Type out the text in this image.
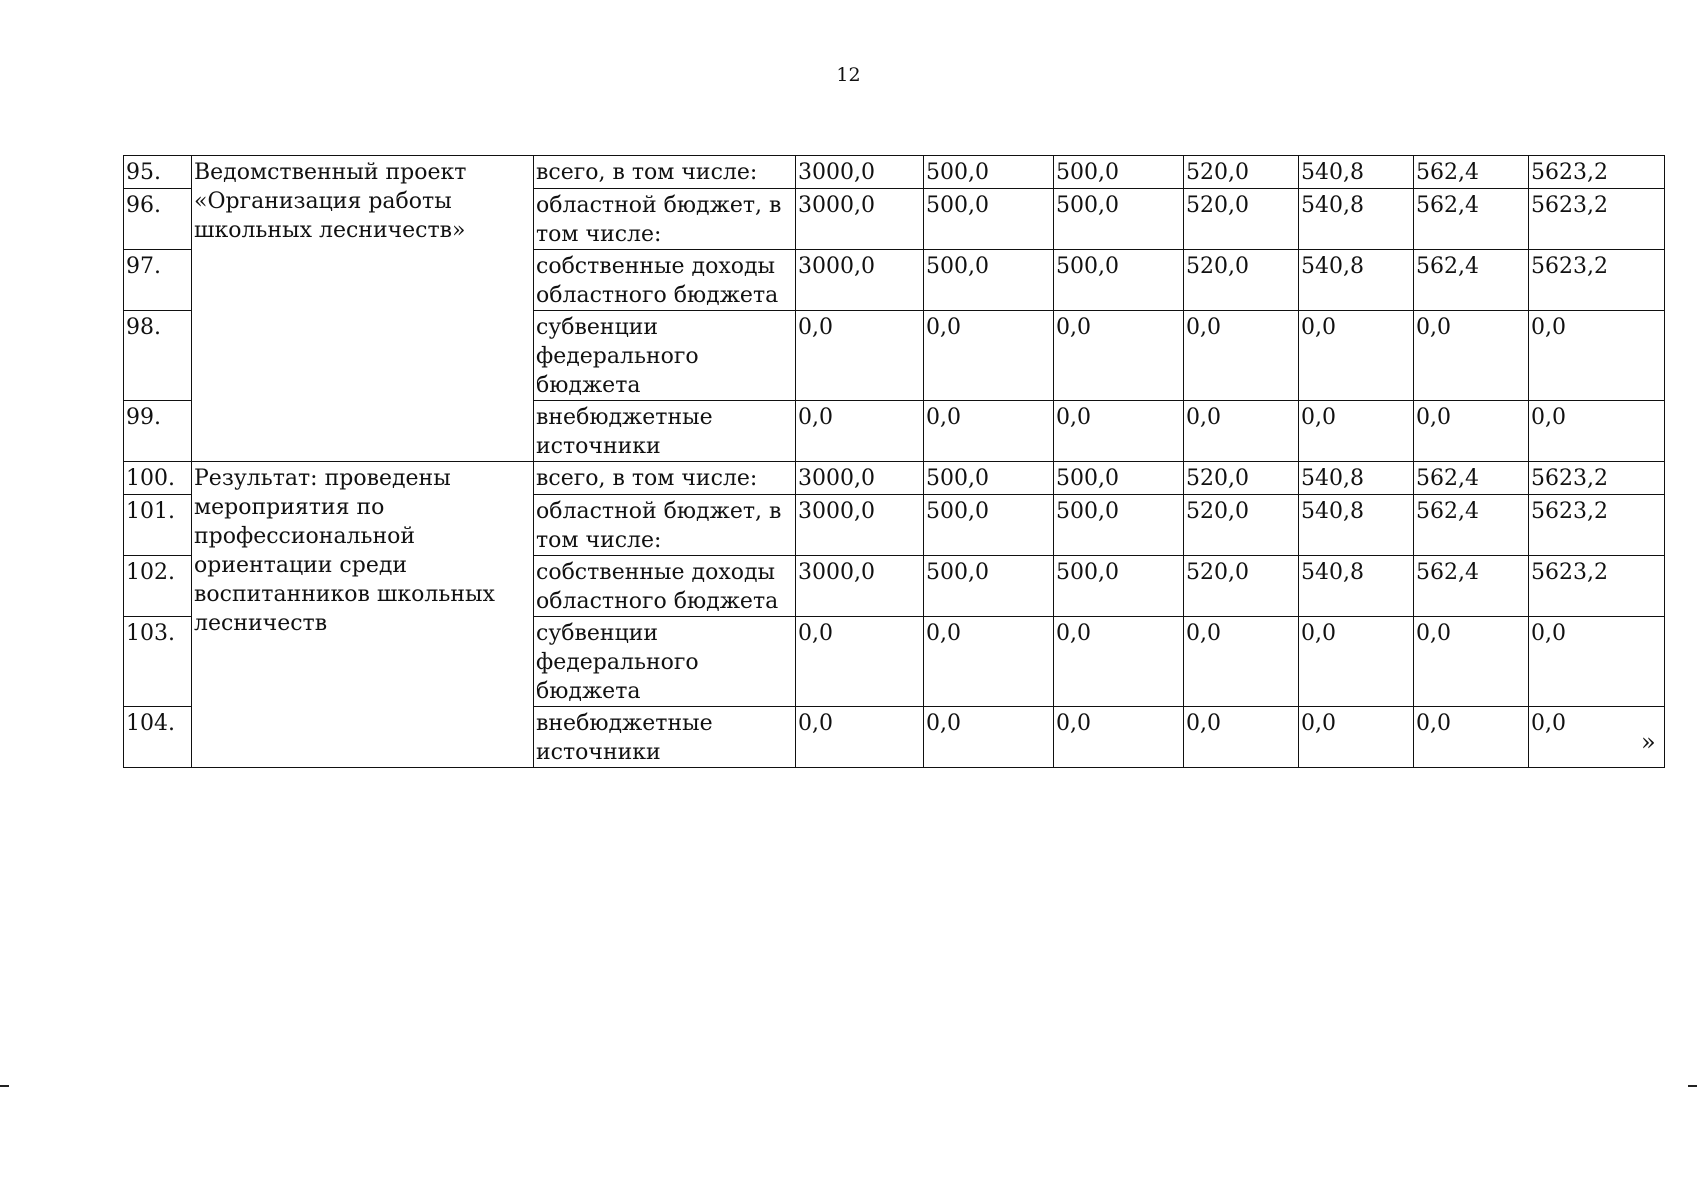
12
95.	Ведомственный проект «Организация работы школьных лесничеств»	всего, в том числе:	3000,0	500,0	500,0	520,0	540,8	562,4	5623,2
96.		областной бюджет, в том числе:	3000,0	500,0	500,0	520,0	540,8	562,4	5623,2
97.		собственные доходы областного бюджета	3000,0	500,0	500,0	520,0	540,8	562,4	5623,2
98.		субвенции федерального бюджета	0,0	0,0	0,0	0,0	0,0	0,0	0,0
99.		внебюджетные источники	0,0	0,0	0,0	0,0	0,0	0,0	0,0
100.	Результат: проведены мероприятия по профессиональной ориентации среди воспитанников школьных лесничеств	всего, в том числе:	3000,0	500,0	500,0	520,0	540,8	562,4	5623,2
101.		областной бюджет, в том числе:	3000,0	500,0	500,0	520,0	540,8	562,4	5623,2
102.		собственные доходы областного бюджета	3000,0	500,0	500,0	520,0	540,8	562,4	5623,2
103.		субвенции федерального бюджета	0,0	0,0	0,0	0,0	0,0	0,0	0,0
104.		внебюджетные источники	0,0	0,0	0,0	0,0	0,0	0,0	0,0
»
